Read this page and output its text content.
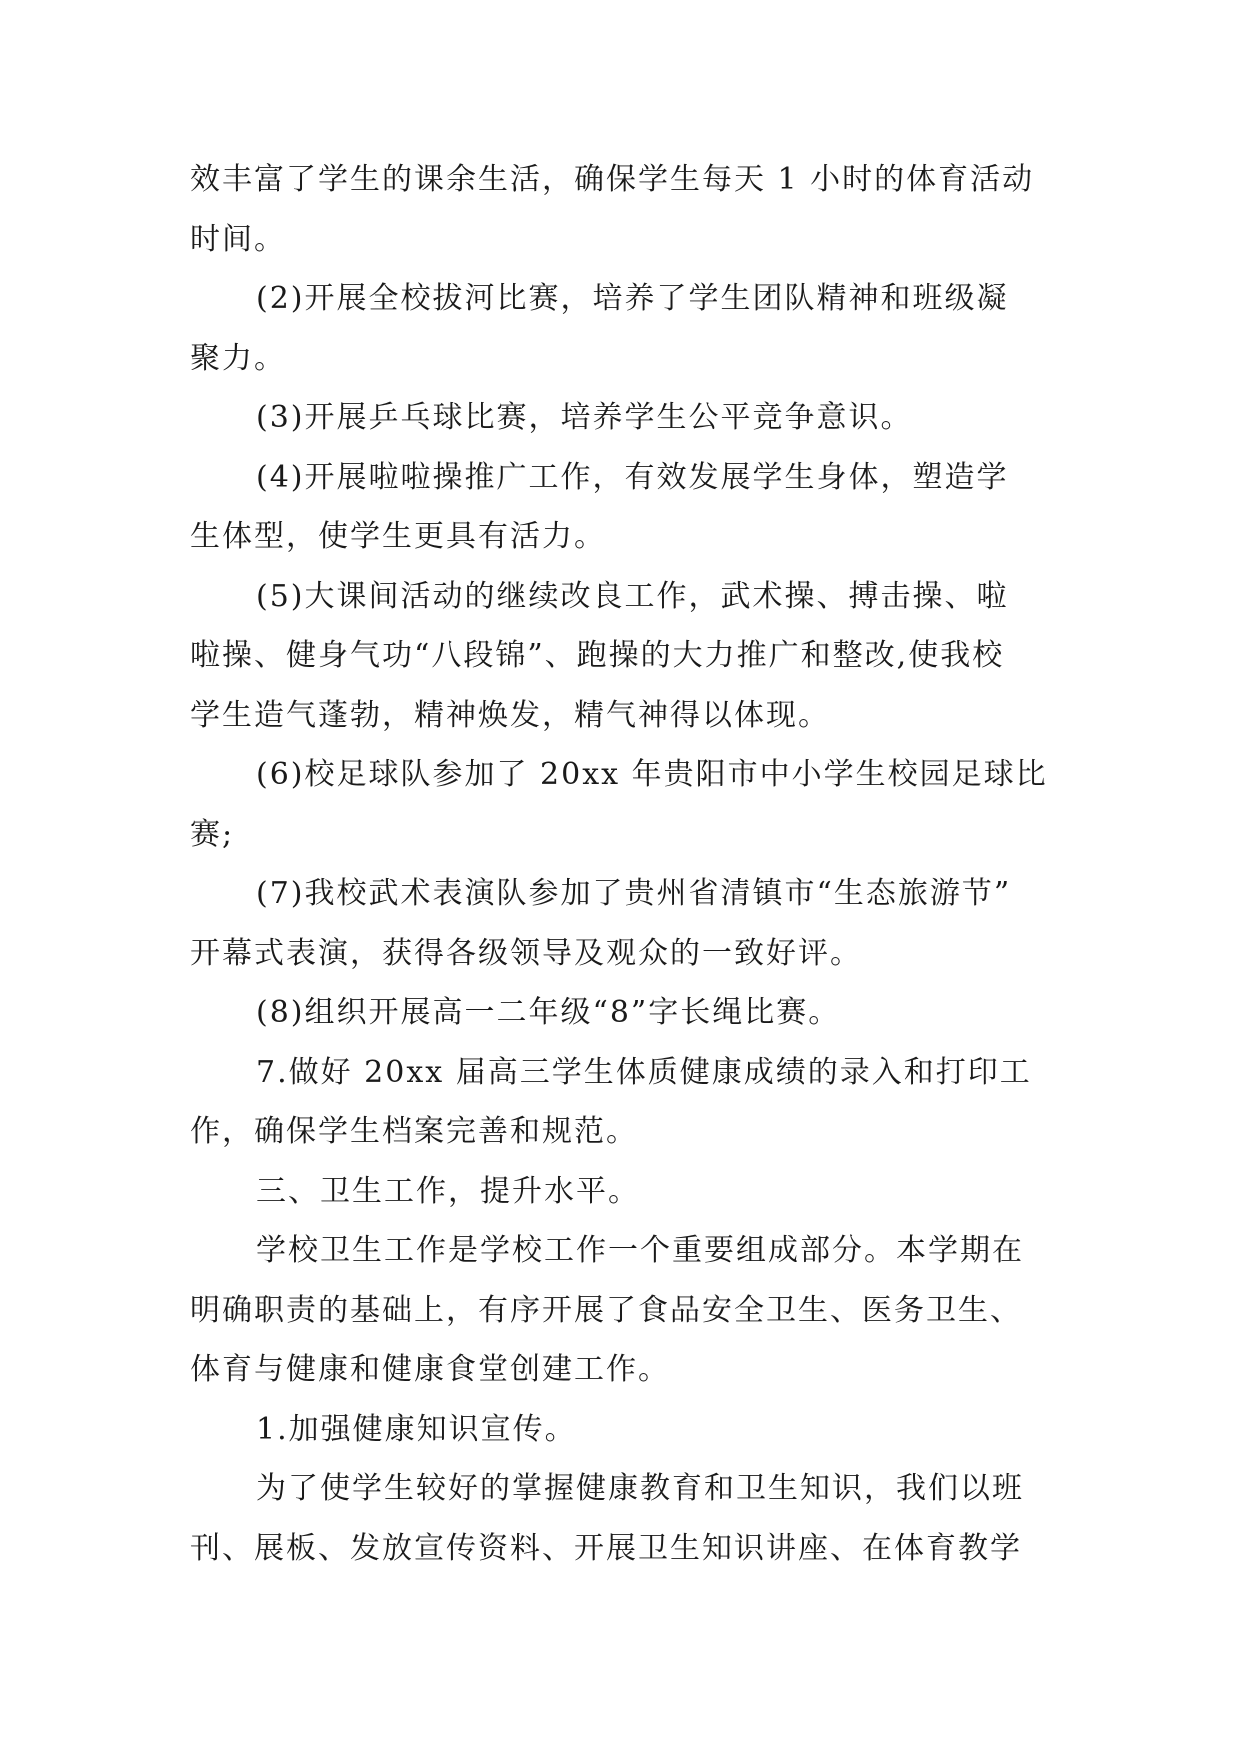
效丰富了学生的课余生活，确保学生每天 1 小时的体育活动
时间。
(2)开展全校拔河比赛，培养了学生团队精神和班级凝
聚力。
(3)开展乒乓球比赛，培养学生公平竞争意识。
(4)开展啦啦操推广工作，有效发展学生身体，塑造学
生体型，使学生更具有活力。
(5)大课间活动的继续改良工作，武术操、搏击操、啦
啦操、健身气功“八段锦”、跑操的大力推广和整改,使我校
学生造气蓬勃，精神焕发，精气神得以体现。
(6)校足球队参加了 20xx 年贵阳市中小学生校园足球比
赛;
(7)我校武术表演队参加了贵州省清镇市“生态旅游节”
开幕式表演，获得各级领导及观众的一致好评。
(8)组织开展高一二年级“8”字长绳比赛。
7.做好 20xx 届高三学生体质健康成绩的录入和打印工
作，确保学生档案完善和规范。
三、卫生工作，提升水平。
学校卫生工作是学校工作一个重要组成部分。本学期在
明确职责的基础上，有序开展了食品安全卫生、医务卫生、
体育与健康和健康食堂创建工作。
1.加强健康知识宣传。
为了使学生较好的掌握健康教育和卫生知识，我们以班
刊、展板、发放宣传资料、开展卫生知识讲座、在体育教学
